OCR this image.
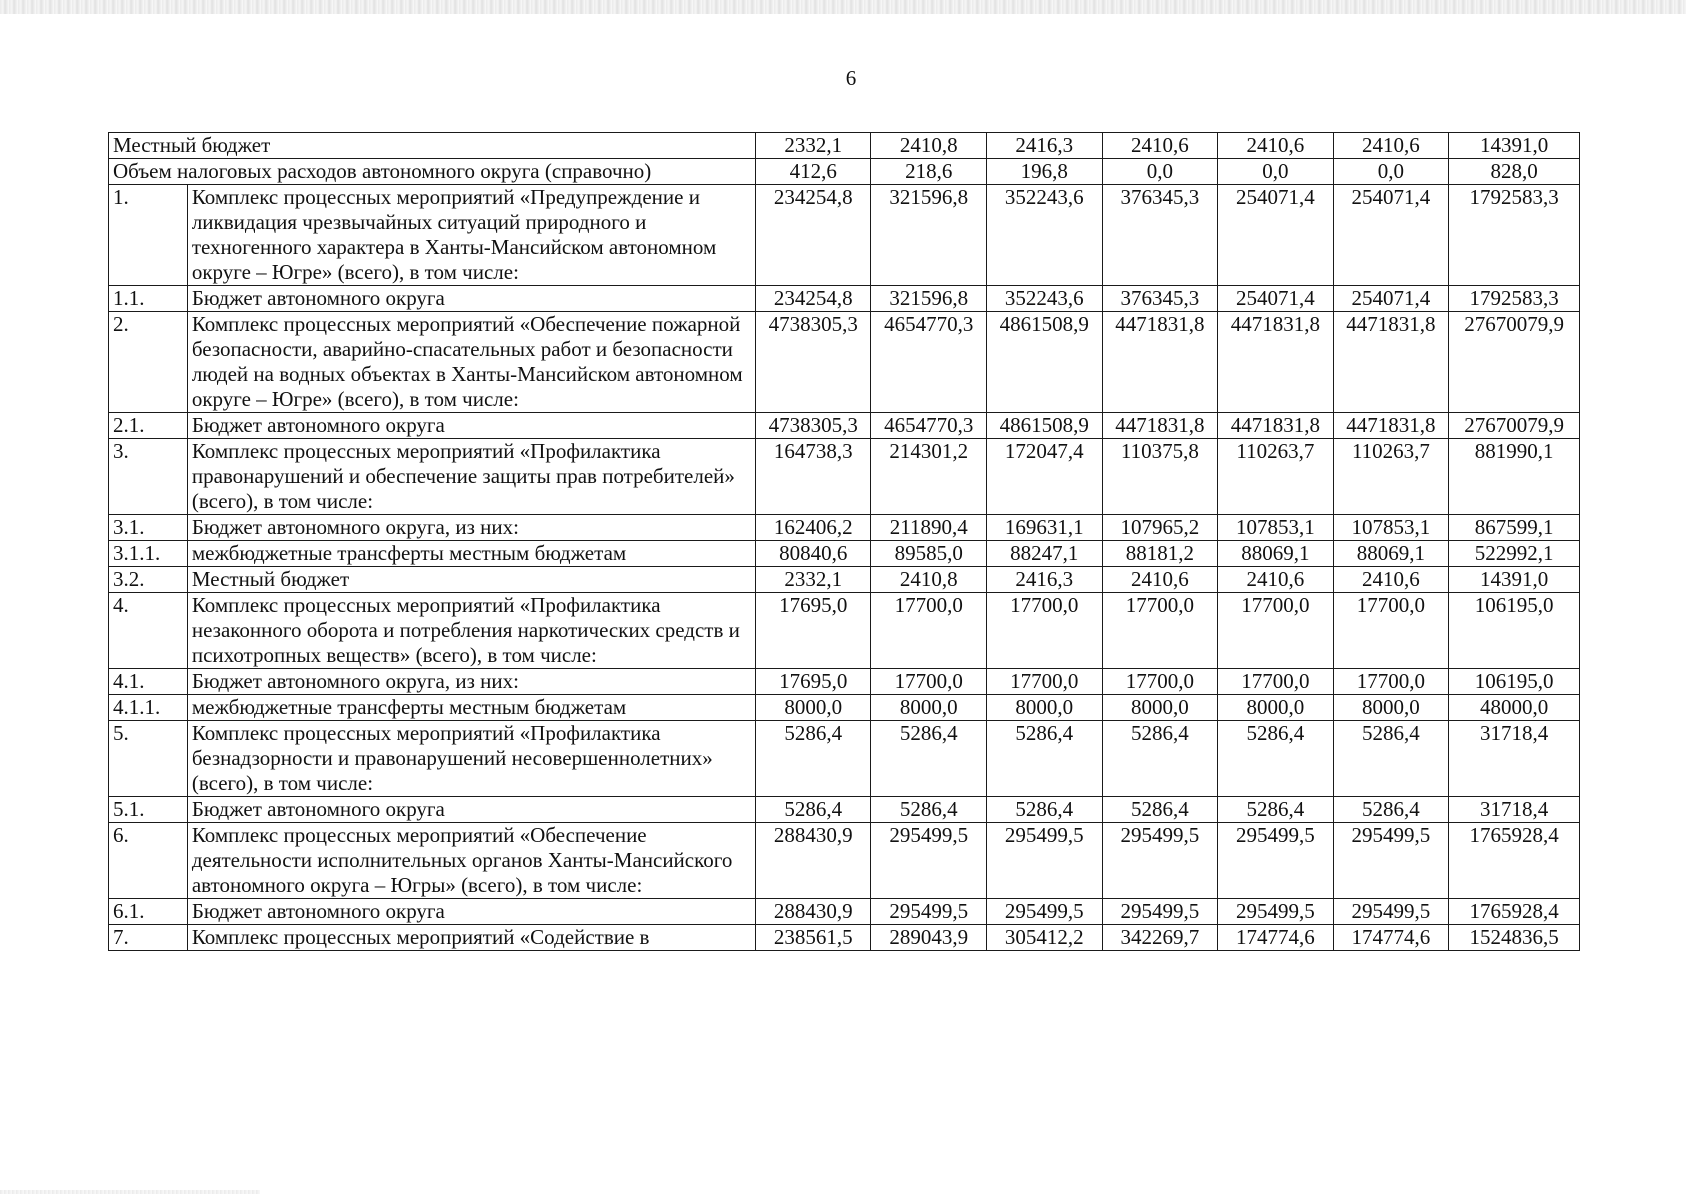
6
Местный бюджет		2332,1	2410,8	2416,3	2410,6	2410,6	2410,6	14391,0
Объем налоговых расходов автономного округа (справочно)		412,6	218,6	196,8	0,0	0,0	0,0	828,0
1.	Комплекс процессных мероприятий «Предупреждение и ликвидация чрезвычайных ситуаций природного и техногенного характера в Ханты-Мансийском автономном округе – Югре» (всего), в том числе:	234254,8	321596,8	352243,6	376345,3	254071,4	254071,4	1792583,3
1.1.	Бюджет автономного округа	234254,8	321596,8	352243,6	376345,3	254071,4	254071,4	1792583,3
2.	Комплекс процессных мероприятий «Обеспечение пожарной безопасности, аварийно-спасательных работ и безопасности людей на водных объектах в Ханты-Мансийском автономном округе – Югре» (всего), в том числе:	4738305,3	4654770,3	4861508,9	4471831,8	4471831,8	4471831,8	27670079,9
2.1.	Бюджет автономного округа	4738305,3	4654770,3	4861508,9	4471831,8	4471831,8	4471831,8	27670079,9
3.	Комплекс процессных мероприятий «Профилактика правонарушений и обеспечение защиты прав потребителей» (всего), в том числе:	164738,3	214301,2	172047,4	110375,8	110263,7	110263,7	881990,1
3.1.	Бюджет автономного округа, из них:	162406,2	211890,4	169631,1	107965,2	107853,1	107853,1	867599,1
3.1.1.	межбюджетные трансферты местным бюджетам	80840,6	89585,0	88247,1	88181,2	88069,1	88069,1	522992,1
3.2.	Местный бюджет	2332,1	2410,8	2416,3	2410,6	2410,6	2410,6	14391,0
4.	Комплекс процессных мероприятий «Профилактика незаконного оборота и потребления наркотических средств и психотропных веществ» (всего), в том числе:	17695,0	17700,0	17700,0	17700,0	17700,0	17700,0	106195,0
4.1.	Бюджет автономного округа, из них:	17695,0	17700,0	17700,0	17700,0	17700,0	17700,0	106195,0
4.1.1.	межбюджетные трансферты местным бюджетам	8000,0	8000,0	8000,0	8000,0	8000,0	8000,0	48000,0
5.	Комплекс процессных мероприятий «Профилактика безнадзорности и правонарушений несовершеннолетних» (всего), в том числе:	5286,4	5286,4	5286,4	5286,4	5286,4	5286,4	31718,4
5.1.	Бюджет автономного округа	5286,4	5286,4	5286,4	5286,4	5286,4	5286,4	31718,4
6.	Комплекс процессных мероприятий «Обеспечение деятельности исполнительных органов Ханты-Мансийского автономного округа – Югры» (всего), в том числе:	288430,9	295499,5	295499,5	295499,5	295499,5	295499,5	1765928,4
6.1.	Бюджет автономного округа	288430,9	295499,5	295499,5	295499,5	295499,5	295499,5	1765928,4
7.	Комплекс процессных мероприятий «Содействие в	238561,5	289043,9	305412,2	342269,7	174774,6	174774,6	1524836,5
